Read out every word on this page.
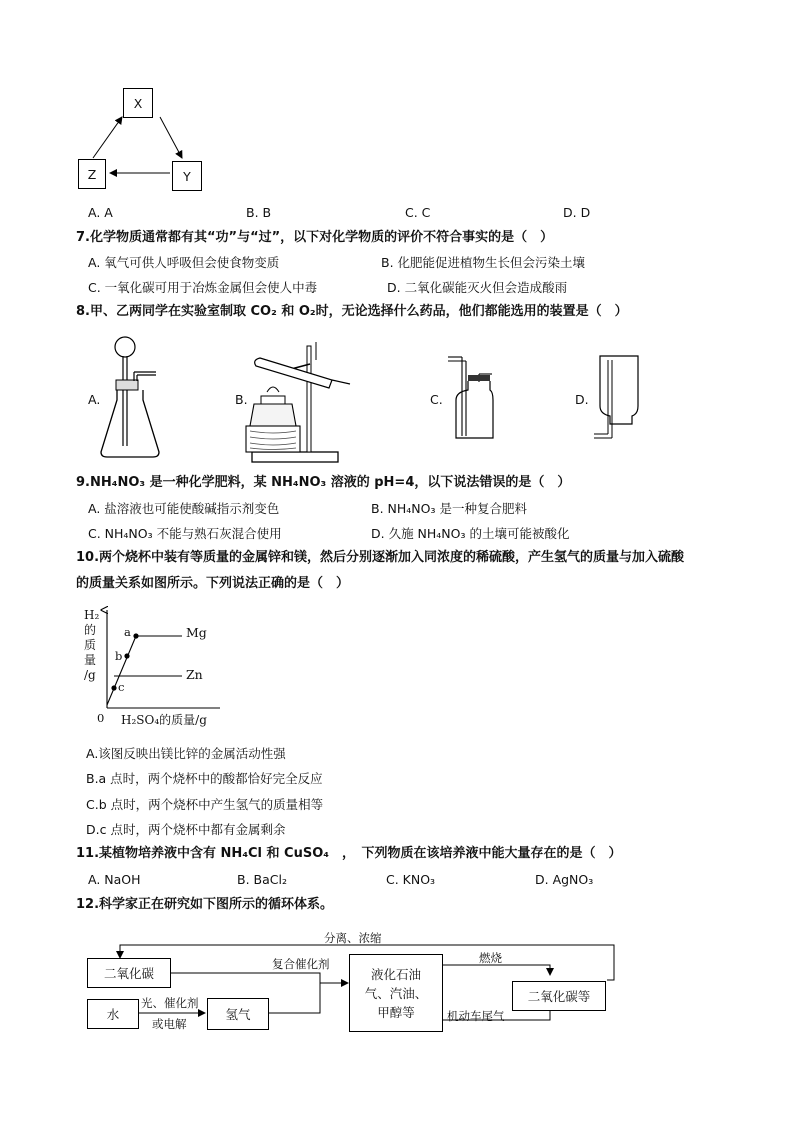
X
Y
Z
A. A	B. B	C. C	D. D
7.化学物质通常都有其“功”与“过”，以下对化学物质的评价不符合事实的是（　）
A. 氧气可供人呼吸但会使食物变质	B. 化肥能促进植物生长但会污染土壤
C. 一氧化碳可用于冶炼金属但会使人中毒	D. 二氧化碳能灭火但会造成酸雨
8.甲、乙两同学在实验室制取 CO₂ 和 O₂时，无论选择什么药品，他们都能选用的装置是（　）
A.	B.	C.	D.
9.NH₄NO₃ 是一种化学肥料，某 NH₄NO₃ 溶液的 pH=4，以下说法错误的是（　）
A. 盐溶液也可能使酸碱指示剂变色	B. NH₄NO₃ 是一种复合肥料
C. NH₄NO₃ 不能与熟石灰混合使用	D. 久施 NH₄NO₃ 的土壤可能被酸化
10.两个烧杯中装有等质量的金属锌和镁，然后分别逐渐加入同浓度的稀硫酸，产生氢气的质量与加入硫酸
的质量关系如图所示。下列说法正确的是（　）
H₂
的
质
量
/g
0 H₂SO₄的质量/g
Mg
Zn
a
b
c
A.该图反映出镁比锌的金属活动性强
B.a 点时，两个烧杯中的酸都恰好完全反应
C.b 点时，两个烧杯中产生氢气的质量相等
D.c 点时，两个烧杯中都有金属剩余
11.某植物培养液中含有 NH₄Cl 和 CuSO₄　，　下列物质在该培养液中能大量存在的是（　）
A. NaOH	B. BaCl₂	C. KNO₃	D. AgNO₃
12.科学家正在研究如下图所示的循环体系。
二氧化碳
水	氢气
液化石油
气、汽油、
甲醇等
二氧化碳等
分离、浓缩
复合催化剂
光、催化剂
或电解
燃烧
机动车尾气
